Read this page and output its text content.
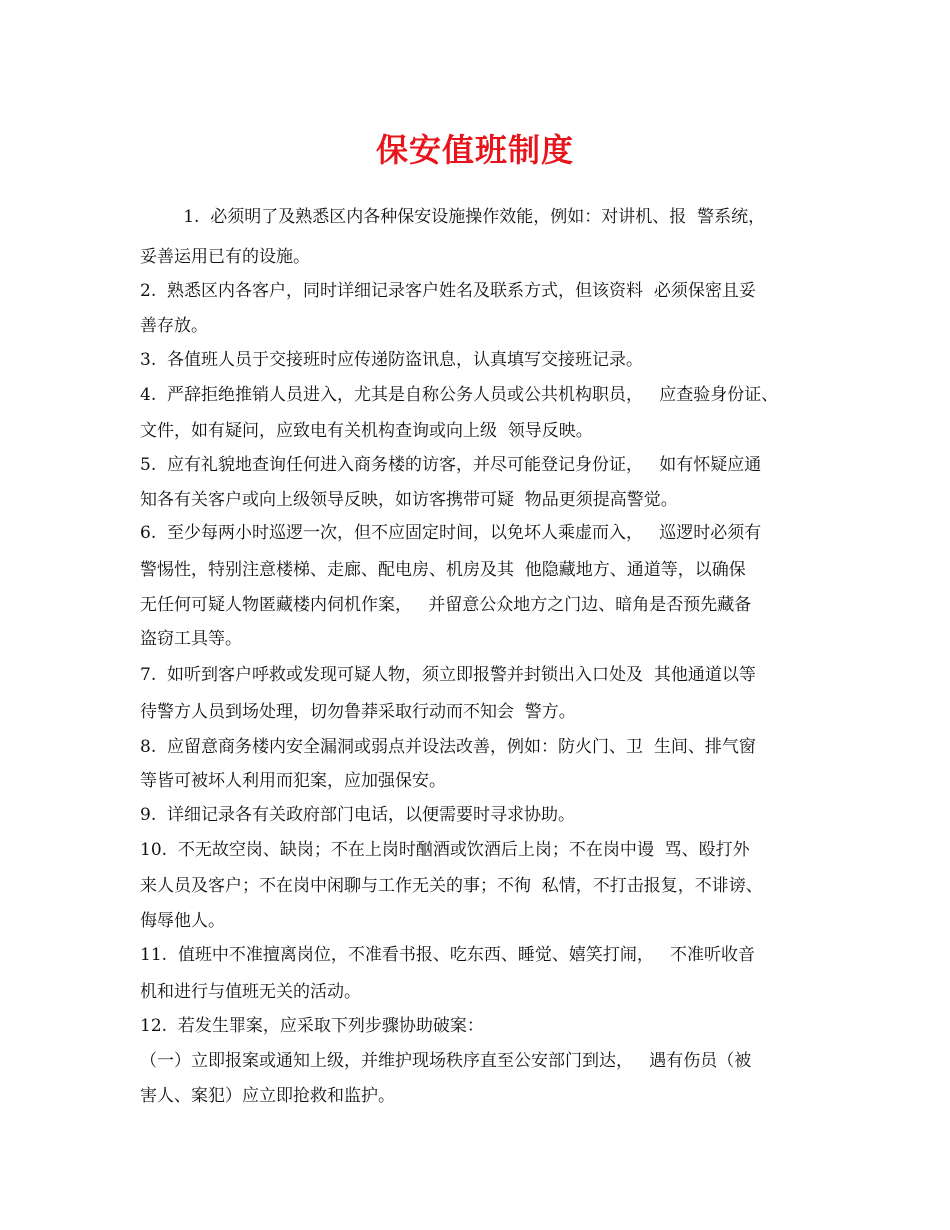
保安值班制度
1.  必须明了及熟悉区内各种保安设施操作效能，例如：对讲机、报  警系统，
妥善运用已有的设施。
2.  熟悉区内各客户，同时详细记录客户姓名及联系方式，但该资料  必须保密且妥
善存放。
3.  各值班人员于交接班时应传递防盗讯息，认真填写交接班记录。
4.  严辞拒绝推销人员进入，尤其是自称公务人员或公共机构职员，   应查验身份证、
文件，如有疑问，应致电有关机构查询或向上级  领导反映。
5.  应有礼貌地查询任何进入商务楼的访客，并尽可能登记身份证，   如有怀疑应通
知各有关客户或向上级领导反映，如访客携带可疑  物品更须提高警觉。
6.  至少每两小时巡逻一次，但不应固定时间，以免坏人乘虚而入，   巡逻时必须有
警惕性，特别注意楼梯、走廊、配电房、机房及其  他隐藏地方、通道等，以确保
无任何可疑人物匿藏楼内伺机作案，   并留意公众地方之门边、暗角是否预先藏备
盗窃工具等。
7.  如听到客户呼救或发现可疑人物，须立即报警并封锁出入口处及  其他通道以等
待警方人员到场处理，切勿鲁莽采取行动而不知会  警方。
8.  应留意商务楼内安全漏洞或弱点并设法改善，例如：防火门、卫  生间、排气窗
等皆可被坏人利用而犯案，应加强保安。
9.  详细记录各有关政府部门电话，以便需要时寻求协助。
10.  不无故空岗、缺岗；不在上岗时酗酒或饮酒后上岗；不在岗中谩  骂、殴打外
来人员及客户；不在岗中闲聊与工作无关的事；不徇  私情，不打击报复，不诽谤、
侮辱他人。
11.  值班中不准擅离岗位，不准看书报、吃东西、睡觉、嬉笑打闹，   不准听收音
机和进行与值班无关的活动。
12.  若发生罪案，应采取下列步骤协助破案：
（一）立即报案或通知上级，并维护现场秩序直至公安部门到达，   遇有伤员（被
害人、案犯）应立即抢救和监护。
